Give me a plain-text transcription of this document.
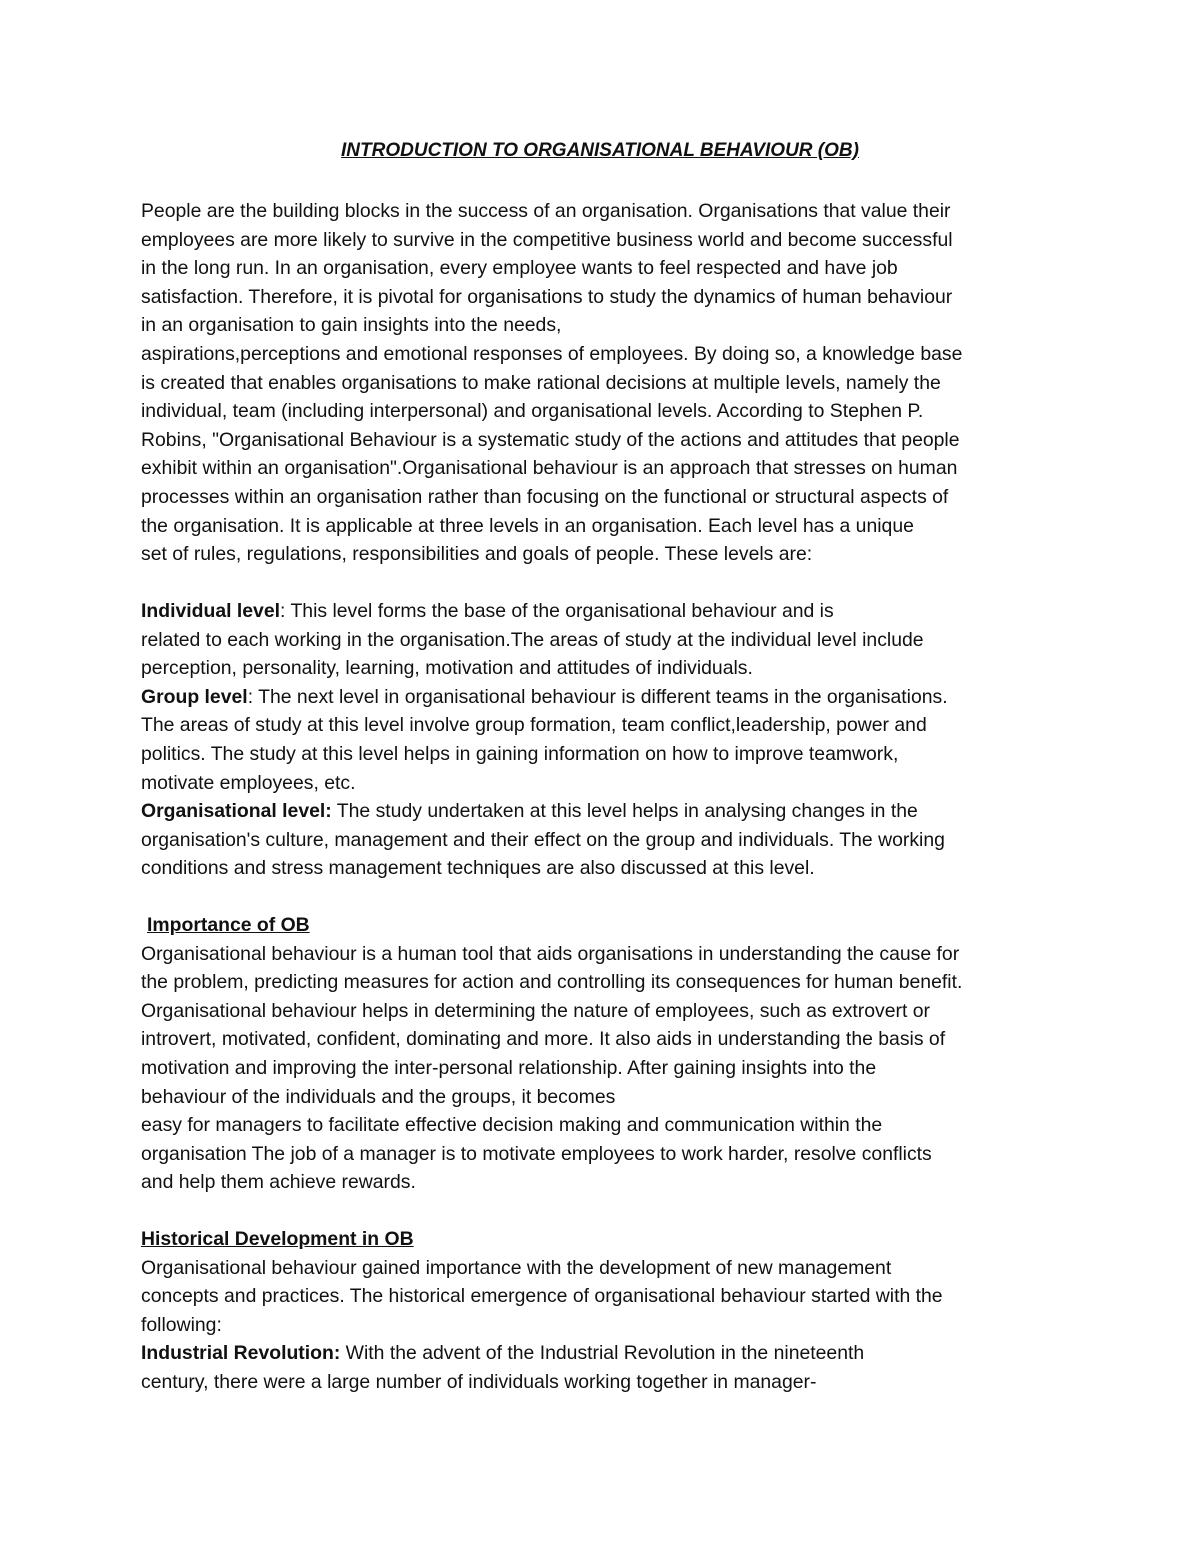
INTRODUCTION TO ORGANISATIONAL BEHAVIOUR (OB)
People are the building blocks in the success of an organisation. Organisations that value their
employees are more likely to survive in the competitive business world and become successful
in the long run. In an organisation, every employee wants to feel respected and have job
satisfaction. Therefore, it is pivotal for organisations to study the dynamics of human behaviour
in an organisation to gain insights into the needs,
aspirations,perceptions and emotional responses of employees. By doing so, a knowledge base
is created that enables organisations to make rational decisions at multiple levels, namely the
individual, team (including interpersonal) and organisational levels. According to Stephen P.
Robins, "Organisational Behaviour is a systematic study of the actions and attitudes that people
exhibit within an organisation".Organisational behaviour is an approach that stresses on human
processes within an organisation rather than focusing on the functional or structural aspects of
the organisation. It is applicable at three levels in an organisation. Each level has a unique
set of rules, regulations, responsibilities and goals of people. These levels are:
Individual level: This level forms the base of the organisational behaviour and is
related to each working in the organisation.The areas of study at the individual level include
perception, personality, learning, motivation and attitudes of individuals.
Group level: The next level in organisational behaviour is different teams in the organisations.
The areas of study at this level involve group formation, team conflict,leadership, power and
politics. The study at this level helps in gaining information on how to improve teamwork,
motivate employees, etc.
Organisational level: The study undertaken at this level helps in analysing changes in the
organisation's culture, management and their effect on the group and individuals. The working
conditions and stress management techniques are also discussed at this level.
Importance of OB
Organisational behaviour is a human tool that aids organisations in understanding the cause for
the problem, predicting measures for action and controlling its consequences for human benefit.
Organisational behaviour helps in determining the nature of employees, such as extrovert or
introvert, motivated, confident, dominating and more. It also aids in understanding the basis of
motivation and improving the inter-personal relationship. After gaining insights into the
behaviour of the individuals and the groups, it becomes
easy for managers to facilitate effective decision making and communication within the
organisation The job of a manager is to motivate employees to work harder, resolve conflicts
and help them achieve rewards.
Historical Development in OB
Organisational behaviour gained importance with the development of new management
concepts and practices. The historical emergence of organisational behaviour started with the
following:
Industrial Revolution: With the advent of the Industrial Revolution in the nineteenth
century, there were a large number of individuals working together in manager-
